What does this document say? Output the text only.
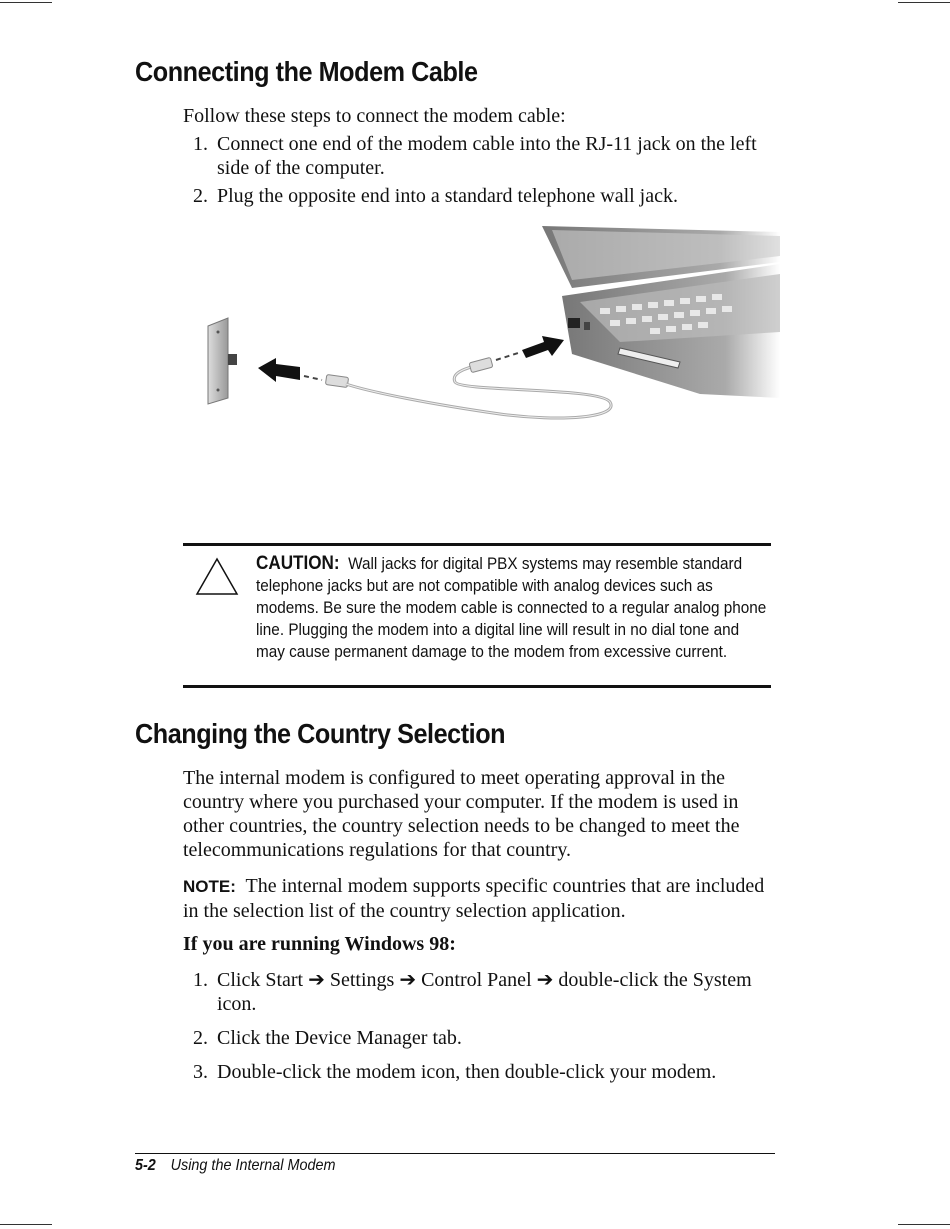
Connecting the Modem Cable

Follow these steps to connect the modem cable:

1. Connect one end of the modem cable into the RJ-11 jack on the left side of the computer.
2. Plug the opposite end into a standard telephone wall jack.

CAUTION: Wall jacks for digital PBX systems may resemble standard telephone jacks but are not compatible with analog devices such as modems. Be sure the modem cable is connected to a regular analog phone line. Plugging the modem into a digital line will result in no dial tone and may cause permanent damage to the modem from excessive current.

Changing the Country Selection

The internal modem is configured to meet operating approval in the country where you purchased your computer. If the modem is used in other countries, the country selection needs to be changed to meet the telecommunications regulations for that country.

NOTE: The internal modem supports specific countries that are included in the selection list of the country selection application.

If you are running Windows 98:

1. Click Start ➔ Settings ➔ Control Panel ➔ double-click the System icon.
2. Click the Device Manager tab.
3. Double-click the modem icon, then double-click your modem.

5-2 Using the Internal Modem
